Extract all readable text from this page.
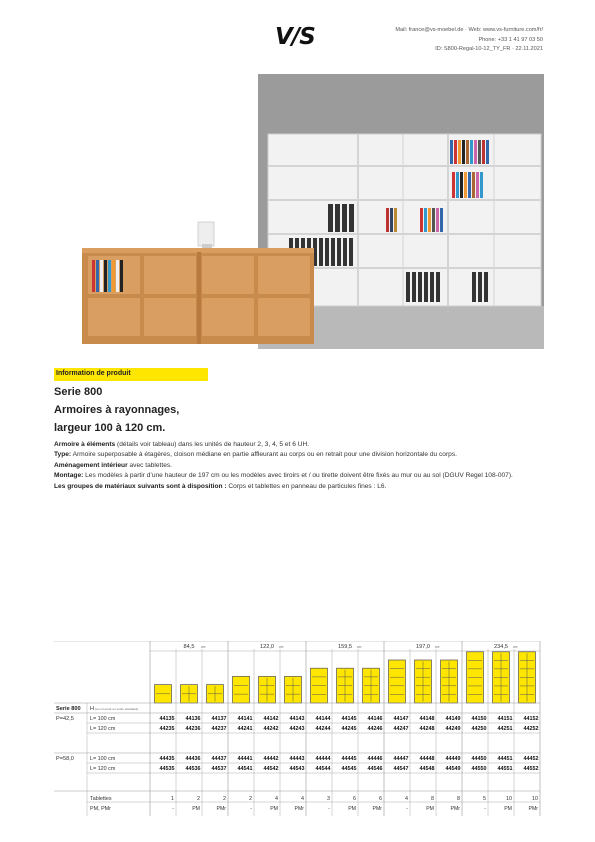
V/S	Mail: france@vs-moebel.de · Web: www.vs-furniture.com/fr/
Phone: +33 1 41 97 03 50
ID: S800-Regal-10-12_TY_FR · 22.11.2021
Information de produit
Serie 800
Armoires à rayonnages,
largeur 100 à 120 cm.

Armoire à éléments (détails voir tableau) dans les unités de hauteur 2, 3, 4, 5 et 6 UH.

Type: Armoire superposable à étagères, cloison médiane en partie affleurant au corps ou en retrait pour une division horizontale du corps.

Aménagement intérieur avec tablettes.

Montage: Les modèles à partir d’une hauteur de 197 cm ou les modèles avec tiroirs et / ou tirette doivent être fixés au mur ou au sol (DGUV Regel 108-007).

Les groupes de matériaux suivants sont à disposition : Corps et tablettes en panneau de particules fines : L6.

84,5 cm	122,0 cm	159,5 cm	197,0 cm	234,5 cm
Serie 800 H (en cm pour un socle standard)
P=42,5	L= 100 cm	44135 44136 44137 44141 44142 44143 44144 44145 44146 44147 44148 44149 44150 44151 44152
L= 120 cm	44235 44236 44237 44241 44242 44243 44244 44245 44246 44247 44248 44249 44250 44251 44252
P=58,0	L= 100 cm	44435 44436 44437 44441 44442 44443 44444 44445 44446 44447 44448 44449 44450 44451 44452
L= 120 cm	44535 44536 44537 44541 44542 44543 44544 44545 44546 44547 44548 44549 44550 44551 44552
Tablettes	1	2	2	2	4	4	3	6	6	4	8	8	5	10	10
PM, PMr	-	PM	PMr	-	PM	PMr	-	PM	PMr	-	PM	PMr	-	PM	PMr
